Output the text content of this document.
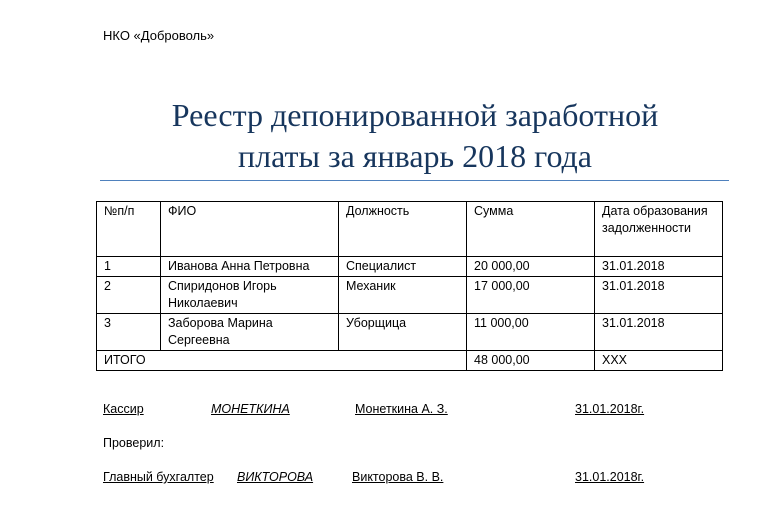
НКО «Доброволь»
Реестр депонированной заработной
платы за январь 2018 года
№п/п	ФИО	Должность	Сумма	Дата образования задолженности
1	Иванова Анна Петровна	Специалист	20 000,00	31.01.2018
2	Спиридонов Игорь Николаевич	Механик	17 000,00	31.01.2018
3	Заборова Марина Сергеевна	Уборщица	11 000,00	31.01.2018
ИТОГО			48 000,00	XXX
Кассир	МОНЕТКИНА	Монеткина А. З.	31.01.2018г.
Проверил:
Главный бухгалтер ВИКТОРОВА	Викторова В. В.	31.01.2018г.
